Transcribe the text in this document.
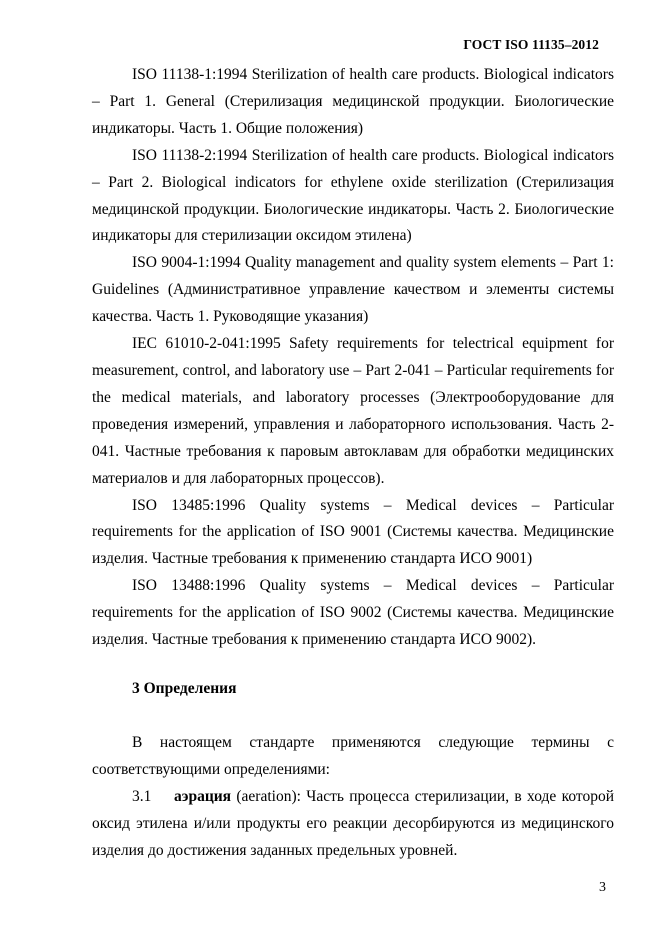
ГОСТ ISO 11135–2012

ISO 11138-1:1994 Sterilization of health care products. Biological indicators – Part 1. General (Стерилизация медицинской продукции. Биологические индикаторы. Часть 1. Общие положения)

ISO 11138-2:1994 Sterilization of health care products. Biological indicators – Part 2. Biological indicators for ethylene oxide sterilization (Стерилизация медицинской продукции. Биологические индикаторы. Часть 2. Биологические индикаторы для стерилизации оксидом этилена)

ISO 9004-1:1994 Quality management and quality system elements – Part 1: Guidelines (Административное управление качеством и элементы системы качества. Часть 1. Руководящие указания)

IEC 61010-2-041:1995 Safety requirements for telectrical equipment for measurement, control, and laboratory use – Part 2-041 – Particular requirements for the medical materials, and laboratory processes (Электрооборудование для проведения измерений, управления и лабораторного использования. Часть 2-041. Частные требования к паровым автоклавам для обработки медицинских материалов и для лабораторных процессов).

ISO 13485:1996 Quality systems – Medical devices – Particular requirements for the application of ISO 9001 (Системы качества. Медицинские изделия. Частные требования к применению стандарта ИСО 9001)

ISO 13488:1996 Quality systems – Medical devices – Particular requirements for the application of ISO 9002 (Системы качества. Медицинские изделия. Частные требования к применению стандарта ИСО 9002).

3 Определения

В настоящем стандарте применяются следующие термины с соответствующими определениями:

3.1 аэрация (aeration): Часть процесса стерилизации, в ходе которой оксид этилена и/или продукты его реакции десорбируются из медицинского изделия до достижения заданных предельных уровней.

3
